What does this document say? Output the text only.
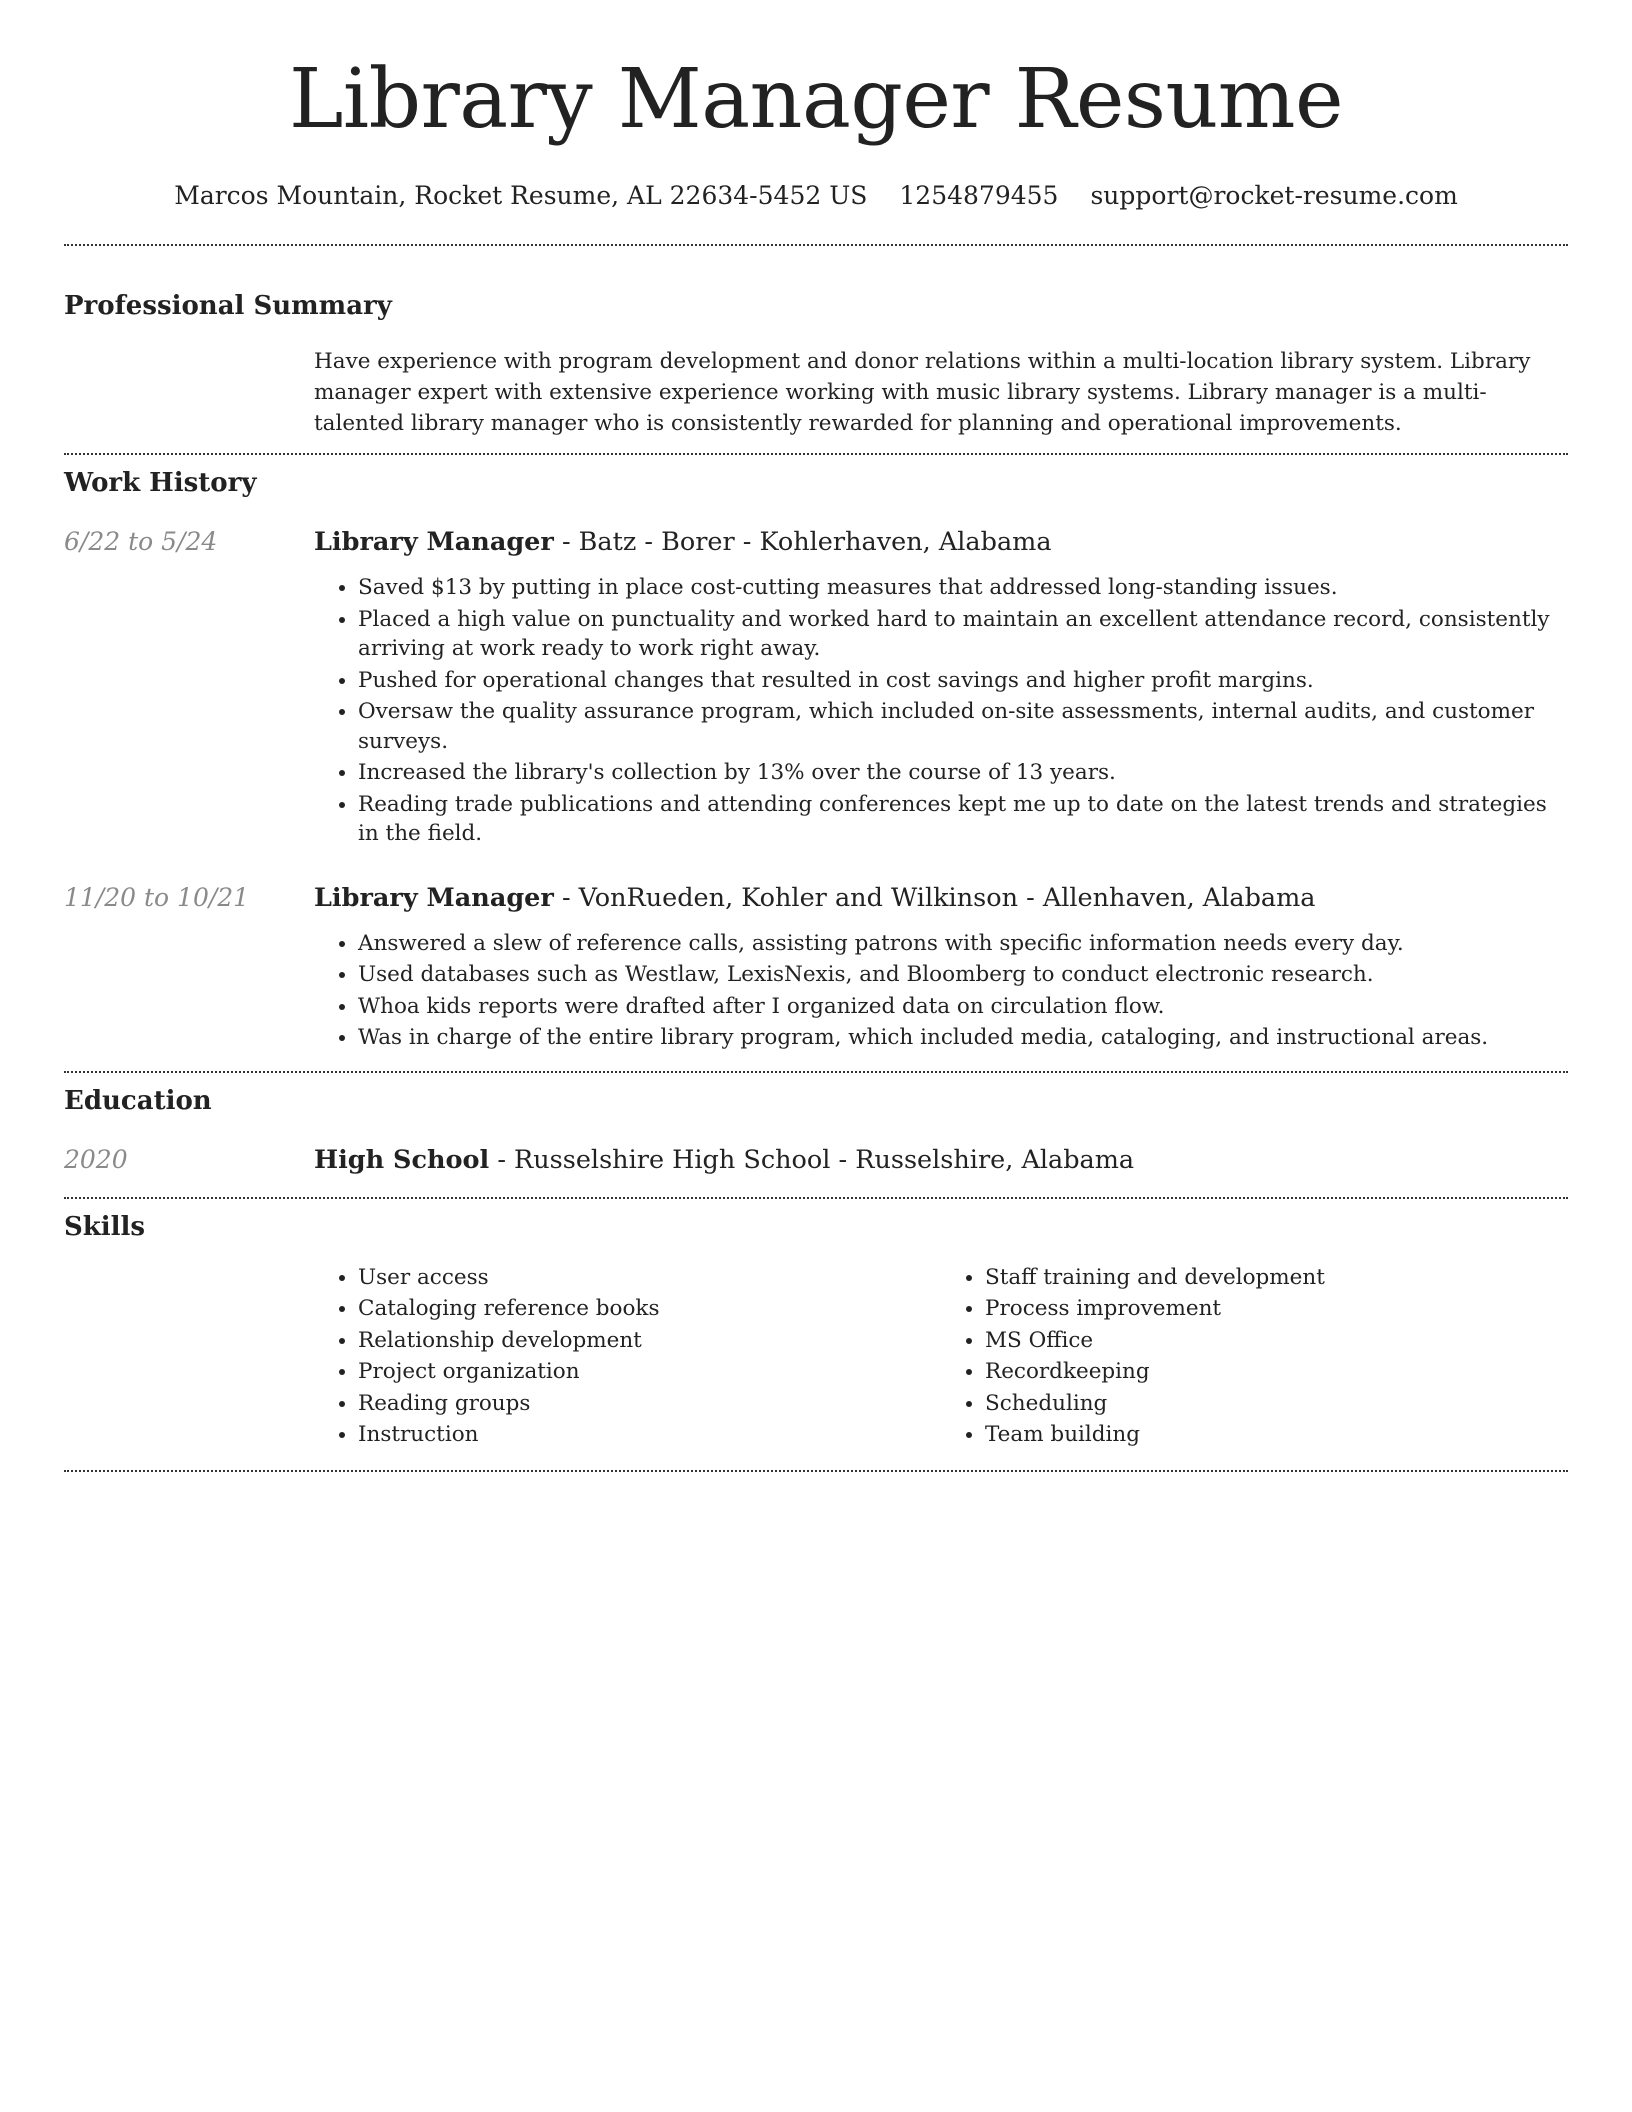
Library Manager Resume
Marcos Mountain, Rocket Resume, AL 22634-5452 US 1254879455 support@rocket-resume.com
Professional Summary

Have experience with program development and donor relations within a multi-location library system. Library manager expert with extensive experience working with music library systems. Library manager is a multi-talented library manager who is consistently rewarded for planning and operational improvements.

Work History
6/22 to 5/24	Library Manager - Batz - Borer - Kohlerhaven, Alabama
• Saved $13 by putting in place cost-cutting measures that addressed long-standing issues.
• Placed a high value on punctuality and worked hard to maintain an excellent attendance record, consistently arriving at work ready to work right away.
• Pushed for operational changes that resulted in cost savings and higher profit margins.
• Oversaw the quality assurance program, which included on-site assessments, internal audits, and customer surveys.
• Increased the library's collection by 13% over the course of 13 years.
• Reading trade publications and attending conferences kept me up to date on the latest trends and strategies in the field.
11/20 to 10/21	Library Manager - VonRueden, Kohler and Wilkinson - Allenhaven, Alabama
• Answered a slew of reference calls, assisting patrons with specific information needs every day.
• Used databases such as Westlaw, LexisNexis, and Bloomberg to conduct electronic research.
• Whoa kids reports were drafted after I organized data on circulation flow.
• Was in charge of the entire library program, which included media, cataloging, and instructional areas.
Education
2020	High School - Russelshire High School - Russelshire, Alabama
Skills
• User access
• Cataloging reference books
• Relationship development
• Project organization
• Reading groups
• Instruction
• Staff training and development
• Process improvement
• MS Office
• Recordkeeping
• Scheduling
• Team building
